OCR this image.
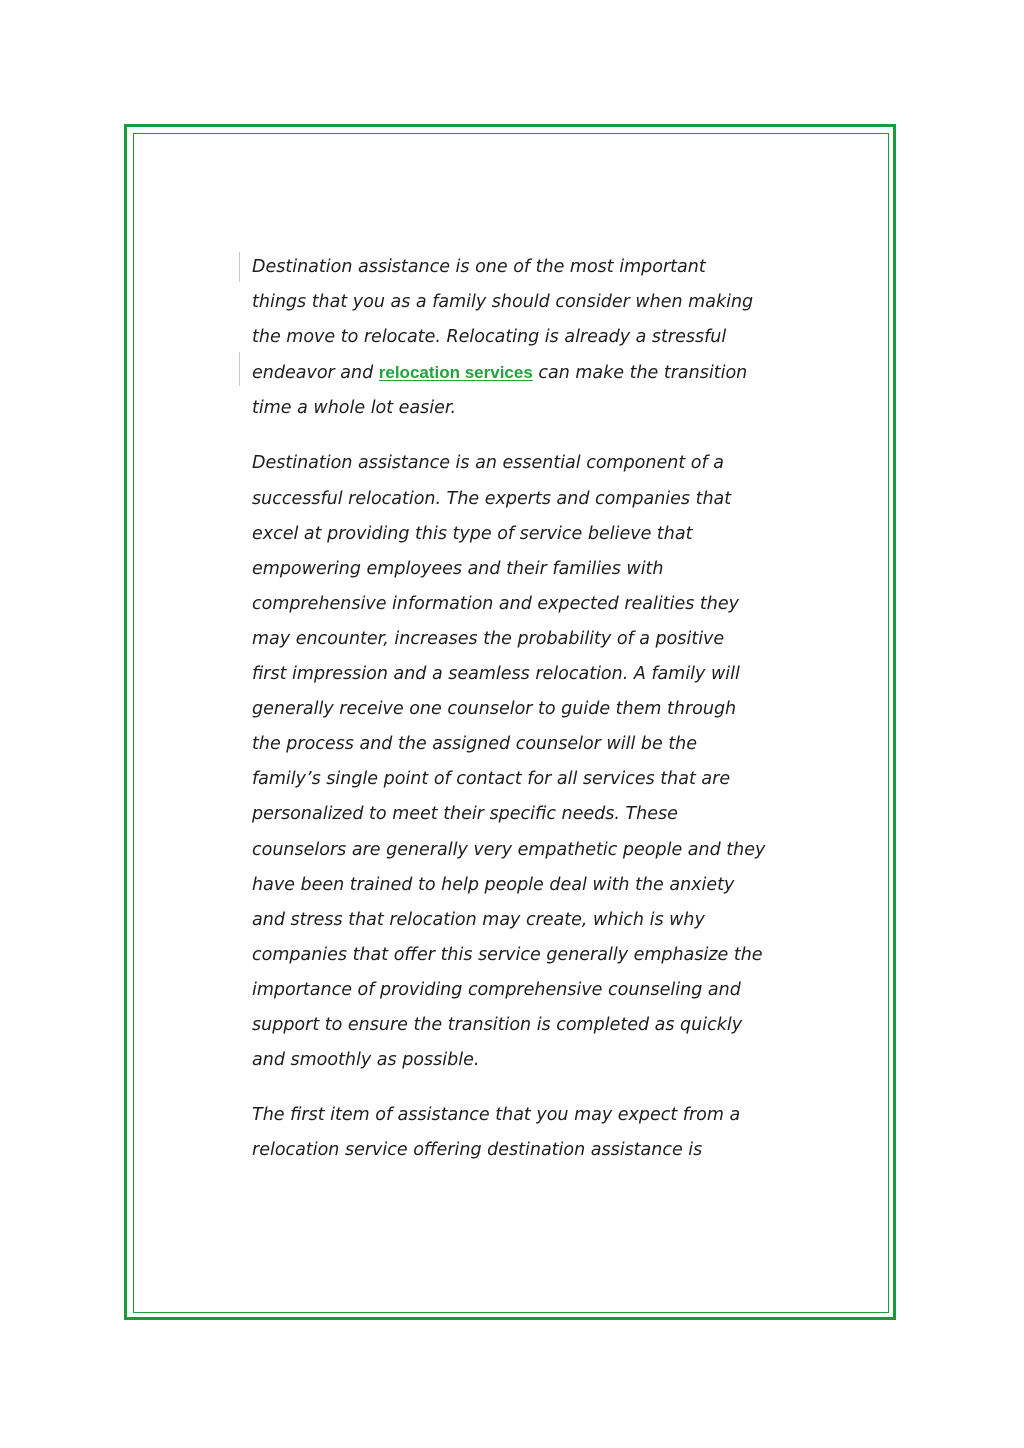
Destination assistance is one of the most important
things that you as a family should consider when making
the move to relocate. Relocating is already a stressful
endeavor and relocation services can make the transition
time a whole lot easier.

Destination assistance is an essential component of a
successful relocation. The experts and companies that
excel at providing this type of service believe that
empowering employees and their families with
comprehensive information and expected realities they
may encounter, increases the probability of a positive
first impression and a seamless relocation. A family will
generally receive one counselor to guide them through
the process and the assigned counselor will be the
family’s single point of contact for all services that are
personalized to meet their specific needs. These
counselors are generally very empathetic people and they
have been trained to help people deal with the anxiety
and stress that relocation may create, which is why
companies that offer this service generally emphasize the
importance of providing comprehensive counseling and
support to ensure the transition is completed as quickly
and smoothly as possible.

The first item of assistance that you may expect from a
relocation service offering destination assistance is
